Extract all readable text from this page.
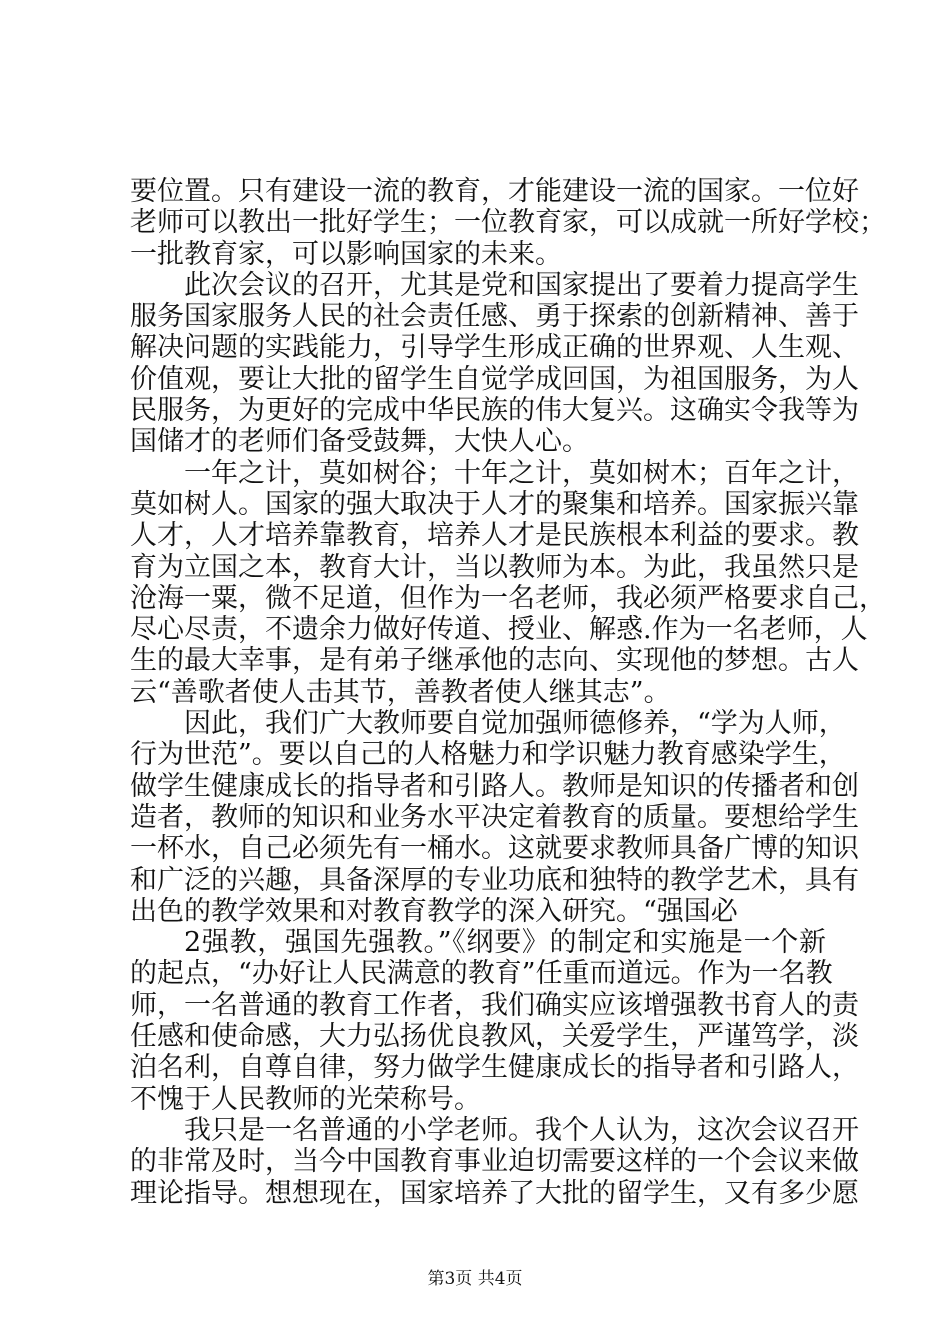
要位置。只有建设一流的教育，才能建设一流的国家。一位好
老师可以教出一批好学生；一位教育家，可以成就一所好学校；
一批教育家，可以影响国家的未来。
此次会议的召开，尤其是党和国家提出了要着力提高学生
服务国家服务人民的社会责任感、勇于探索的创新精神、善于
解决问题的实践能力，引导学生形成正确的世界观、人生观、
价值观，要让大批的留学生自觉学成回国，为祖国服务，为人
民服务，为更好的完成中华民族的伟大复兴。这确实令我等为
国储才的老师们备受鼓舞，大快人心。
一年之计，莫如树谷；十年之计，莫如树木；百年之计，
莫如树人。国家的强大取决于人才的聚集和培养。国家振兴靠
人才，人才培养靠教育，培养人才是民族根本利益的要求。教
育为立国之本，教育大计，当以教师为本。为此，我虽然只是
沧海一粟，微不足道，但作为一名老师，我必须严格要求自己，
尽心尽责，不遗余力做好传道、授业、解惑.作为一名老师，人
生的最大幸事，是有弟子继承他的志向、实现他的梦想。古人
云“善歌者使人击其节，善教者使人继其志”。
因此，我们广大教师要自觉加强师德修养，“学为人师，
行为世范”。要以自己的人格魅力和学识魅力教育感染学生，
做学生健康成长的指导者和引路人。教师是知识的传播者和创
造者，教师的知识和业务水平决定着教育的质量。要想给学生
一杯水，自己必须先有一桶水。这就要求教师具备广博的知识
和广泛的兴趣，具备深厚的专业功底和独特的教学艺术，具有
出色的教学效果和对教育教学的深入研究。“强国必
2强教，强国先强教。”《纲要》的制定和实施是一个新
的起点，“办好让人民满意的教育”任重而道远。作为一名教
师，一名普通的教育工作者，我们确实应该增强教书育人的责
任感和使命感，大力弘扬优良教风，关爱学生，严谨笃学，淡
泊名利，自尊自律，努力做学生健康成长的指导者和引路人，
不愧于人民教师的光荣称号。
我只是一名普通的小学老师。我个人认为，这次会议召开
的非常及时，当今中国教育事业迫切需要这样的一个会议来做
理论指导。想想现在，国家培养了大批的留学生，又有多少愿
第3页 共4页
